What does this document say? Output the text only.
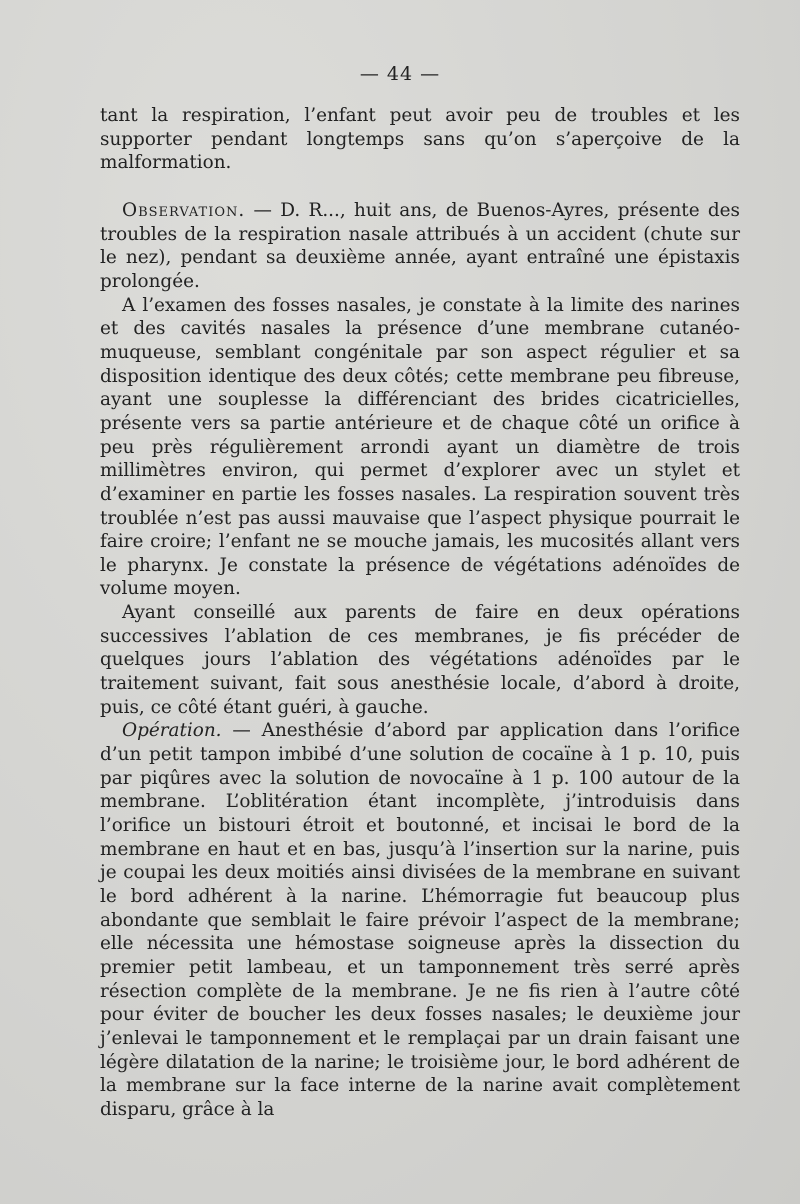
— 44 —

tant la respiration, l’enfant peut avoir peu de troubles et les supporter pendant longtemps sans qu’on s’aperçoive de la malformation.

Observation. — D. R..., huit ans, de Buenos-Ayres, présente des troubles de la respiration nasale attribués à un accident (chute sur le nez), pendant sa deuxième année, ayant entraîné une épistaxis prolongée.

A l’examen des fosses nasales, je constate à la limite des narines et des cavités nasales la présence d’une membrane cutanéo-muqueuse, semblant congénitale par son aspect régulier et sa disposition identique des deux côtés; cette membrane peu fibreuse, ayant une souplesse la différenciant des brides cicatricielles, présente vers sa partie antérieure et de chaque côté un orifice à peu près régulièrement arrondi ayant un diamètre de trois millimètres environ, qui permet d’explorer avec un stylet et d’examiner en partie les fosses nasales. La respiration souvent très troublée n’est pas aussi mauvaise que l’aspect physique pourrait le faire croire; l’enfant ne se mouche jamais, les mucosités allant vers le pharynx. Je constate la présence de végétations adénoïdes de volume moyen.

Ayant conseillé aux parents de faire en deux opérations successives l’ablation de ces membranes, je fis précéder de quelques jours l’ablation des végétations adénoïdes par le traitement suivant, fait sous anesthésie locale, d’abord à droite, puis, ce côté étant guéri, à gauche.

Opération. — Anesthésie d’abord par application dans l’orifice d’un petit tampon imbibé d’une solution de cocaïne à 1 p. 10, puis par piqûres avec la solution de novocaïne à 1 p. 100 autour de la membrane. L’oblitération étant incomplète, j’introduisis dans l’orifice un bistouri étroit et boutonné, et incisai le bord de la membrane en haut et en bas, jusqu’à l’insertion sur la narine, puis je coupai les deux moitiés ainsi divisées de la membrane en suivant le bord adhérent à la narine. L’hémorragie fut beaucoup plus abondante que semblait le faire prévoir l’aspect de la membrane; elle nécessita une hémostase soigneuse après la dissection du premier petit lambeau, et un tamponnement très serré après résection complète de la membrane. Je ne fis rien à l’autre côté pour éviter de boucher les deux fosses nasales; le deuxième jour j’enlevai le tamponnement et le remplaçai par un drain faisant une légère dilatation de la narine; le troisième jour, le bord adhérent de la membrane sur la face interne de la narine avait complètement disparu, grâce à la
